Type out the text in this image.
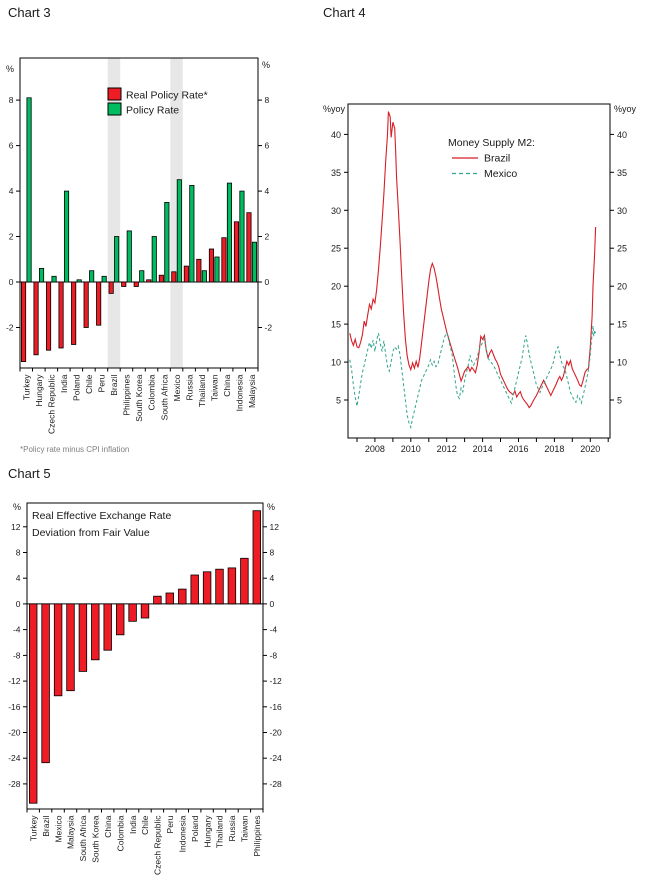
Chart 3	Chart 4
Chart 5
-2	-2
0	0
2	2
4	4
6	6
8	8
Turkey Hungary Czech Republic India Poland Chile Peru Brazil Philippines South Korea Colombia South Africa Mexico Russia Thailand Taiwan China Indonesia Malaysia
%	%
Real Policy Rate*
Policy Rate
*Policy rate minus CPI inflation
5	5
10	10
15	15
20	20
25	25
30	30
35	35
40	40
2008 2010 2012 2014 2016 2018 2020
%yoy	%yoy
Money Supply M2:
Brazil
Mexico
-28	-28
-24	-24
-20	-20
-16	-16
-12	-12
-8	-8
-4	-4
0	0
4	4
8	8
12	12
Turkey Brazil Mexico Malaysia South Africa South Korea China Colombia India Chile Czech Republic Peru Indonesia Poland Hungary Thailand Russia Taiwan Philippines
%	%
Real Effective Exchange Rate
Deviation from Fair Value
